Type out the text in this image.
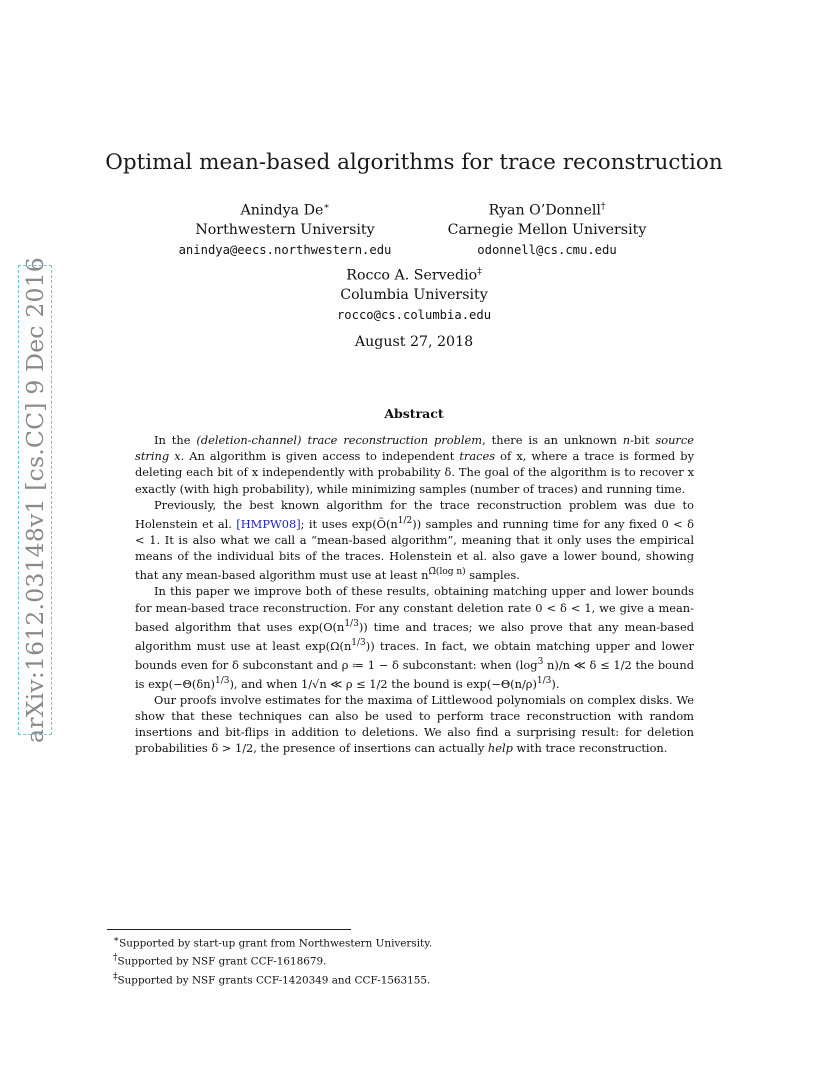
arXiv:1612.03148v1 [cs.CC] 9 Dec 2016
Optimal mean-based algorithms for trace reconstruction
Anindya De∗
Northwestern University
anindya@eecs.northwestern.edu
Ryan O’Donnell†
Carnegie Mellon University
odonnell@cs.cmu.edu
Rocco A. Servedio‡
Columbia University
rocco@cs.columbia.edu
August 27, 2018
Abstract

In the (deletion-channel) trace reconstruction problem, there is an unknown n-bit source string x. An algorithm is given access to independent traces of x, where a trace is formed by deleting each bit of x independently with probability δ. The goal of the algorithm is to recover x exactly (with high probability), while minimizing samples (number of traces) and running time.

Previously, the best known algorithm for the trace reconstruction problem was due to Holenstein et al. [HMPW08]; it uses $\exp(Õ(n^{1/2}))$ samples and running time for any fixed 0 < δ < 1. It is also what we call a “mean-based algorithm”, meaning that it only uses the empirical means of the individual bits of the traces. Holenstein et al. also gave a lower bound, showing that any mean-based algorithm must use at least $n^{\Omegã(log n)}$ samples.

In this paper we improve both of these results, obtaining matching upper and lower bounds for mean-based trace reconstruction. For any constant deletion rate 0 < δ < 1, we give a mean-based algorithm that uses $\exp(O(n^{1/3}))$ time and traces; we also prove that any mean-based algorithm must use at least $\exp(\Omega(n^{1/3}))$ traces. In fact, we obtain matching upper and lower bounds even for δ subconstant and ρ ≔ 1 − δ subconstant: when ($\log^3$ n)/n ≪ δ ≤ 1/2 the bound is $\exp(-\Theta(\delta n)^{1/3})$, and when 1/√n ≪ ρ ≤ 1/2 the bound is $\exp(-\Theta(n/\rho)^{1/3})$.

Our proofs involve estimates for the maxima of Littlewood polynomials on complex disks. We show that these techniques can also be used to perform trace reconstruction with random insertions and bit-flips in addition to deletions. We also find a surprising result: for deletion probabilities δ > 1/2, the presence of insertions can actually help with trace reconstruction.

∗Supported by start-up grant from Northwestern University.
†Supported by NSF grant CCF-1618679.
‡Supported by NSF grants CCF-1420349 and CCF-1563155.
